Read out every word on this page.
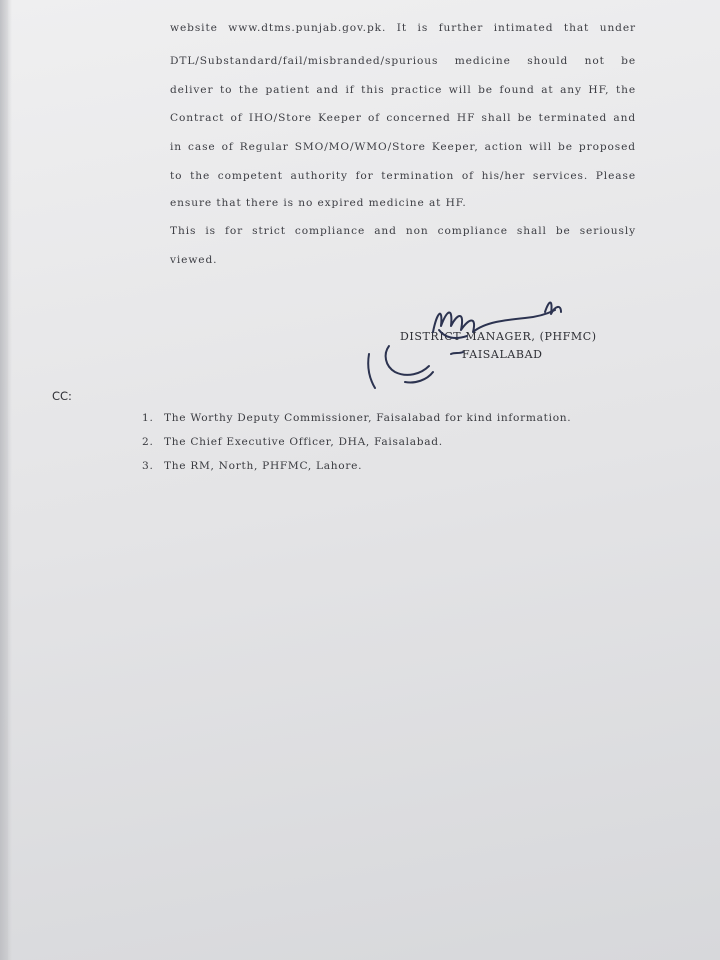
website www.dtms.punjab.gov.pk. It is further intimated that under
DTL/Substandard/fail/misbranded/spurious medicine should not be
deliver to the patient and if this practice will be found at any HF, the
Contract of IHO/Store Keeper of concerned HF shall be terminated and
in case of Regular SMO/MO/WMO/Store Keeper, action will be proposed
to the competent authority for termination of his/her services. Please
ensure that there is no expired medicine at HF.
This is for strict compliance and non compliance shall be seriously
viewed.
DISTRICT MANAGER, (PHFMC)
FAISALABAD
CC:
1. The Worthy Deputy Commissioner, Faisalabad for kind information.
2. The Chief Executive Officer, DHA, Faisalabad.
3. The RM, North, PHFMC, Lahore.
